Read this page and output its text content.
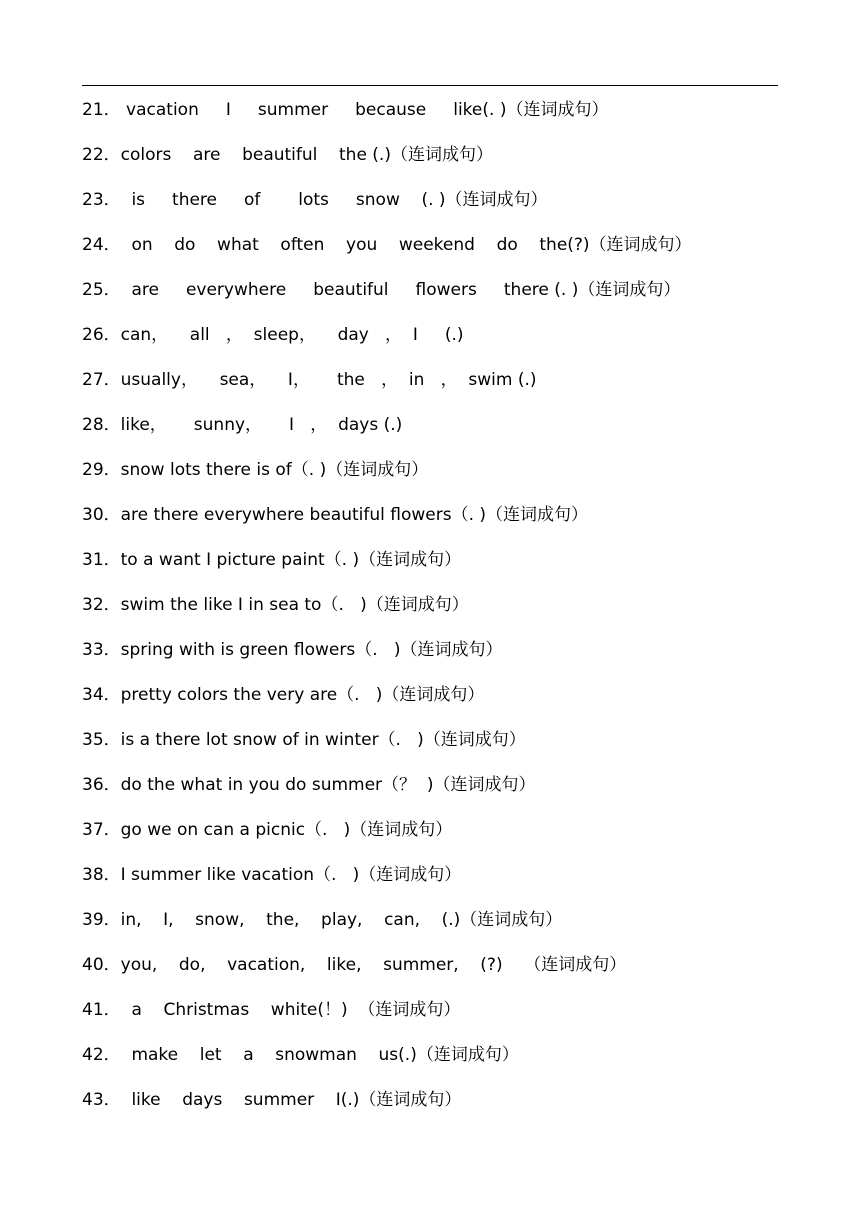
21． vacation     I     summer     because     like(. )（连词成句）
22．colors    are    beautiful    the (.)（连词成句）
23．  is     there     of       lots     snow    (. )（连词成句）
24．  on    do    what    often    you    weekend    do    the(?)（连词成句）
25．  are     everywhere     beautiful     flowers     there (. )（连词成句）
26．can，    all   ，  sleep，    day   ，  I     (.)
27．usually，    sea，    I，     the   ，  in   ，  swim (.)
28．like，     sunny，     I   ，  days (.)
29．snow lots there is of（. )（连词成句）
30．are there everywhere beautiful flowers（. )（连词成句）
31．to a want I picture paint（. )（连词成句）
32．swim the like I in sea to（.   )（连词成句）
33．spring with is green flowers（.   )（连词成句）
34．pretty colors the very are（.   )（连词成句）
35．is a there lot snow of in winter（.   )（连词成句）
36．do the what in you do summer（？  )（连词成句）
37．go we on can a picnic（.   )（连词成句）
38．I summer like vacation（.   )（连词成句）
39．in,    I,    snow,    the,    play,    can,    (.)（连词成句）
40．you,    do,    vacation,    like,    summer,    (?)    （连词成句）
41．  a    Christmas    white(！)  （连词成句）
42．  make    let    a    snowman    us(.)（连词成句）
43．  like    days    summer    I(.)（连词成句）
